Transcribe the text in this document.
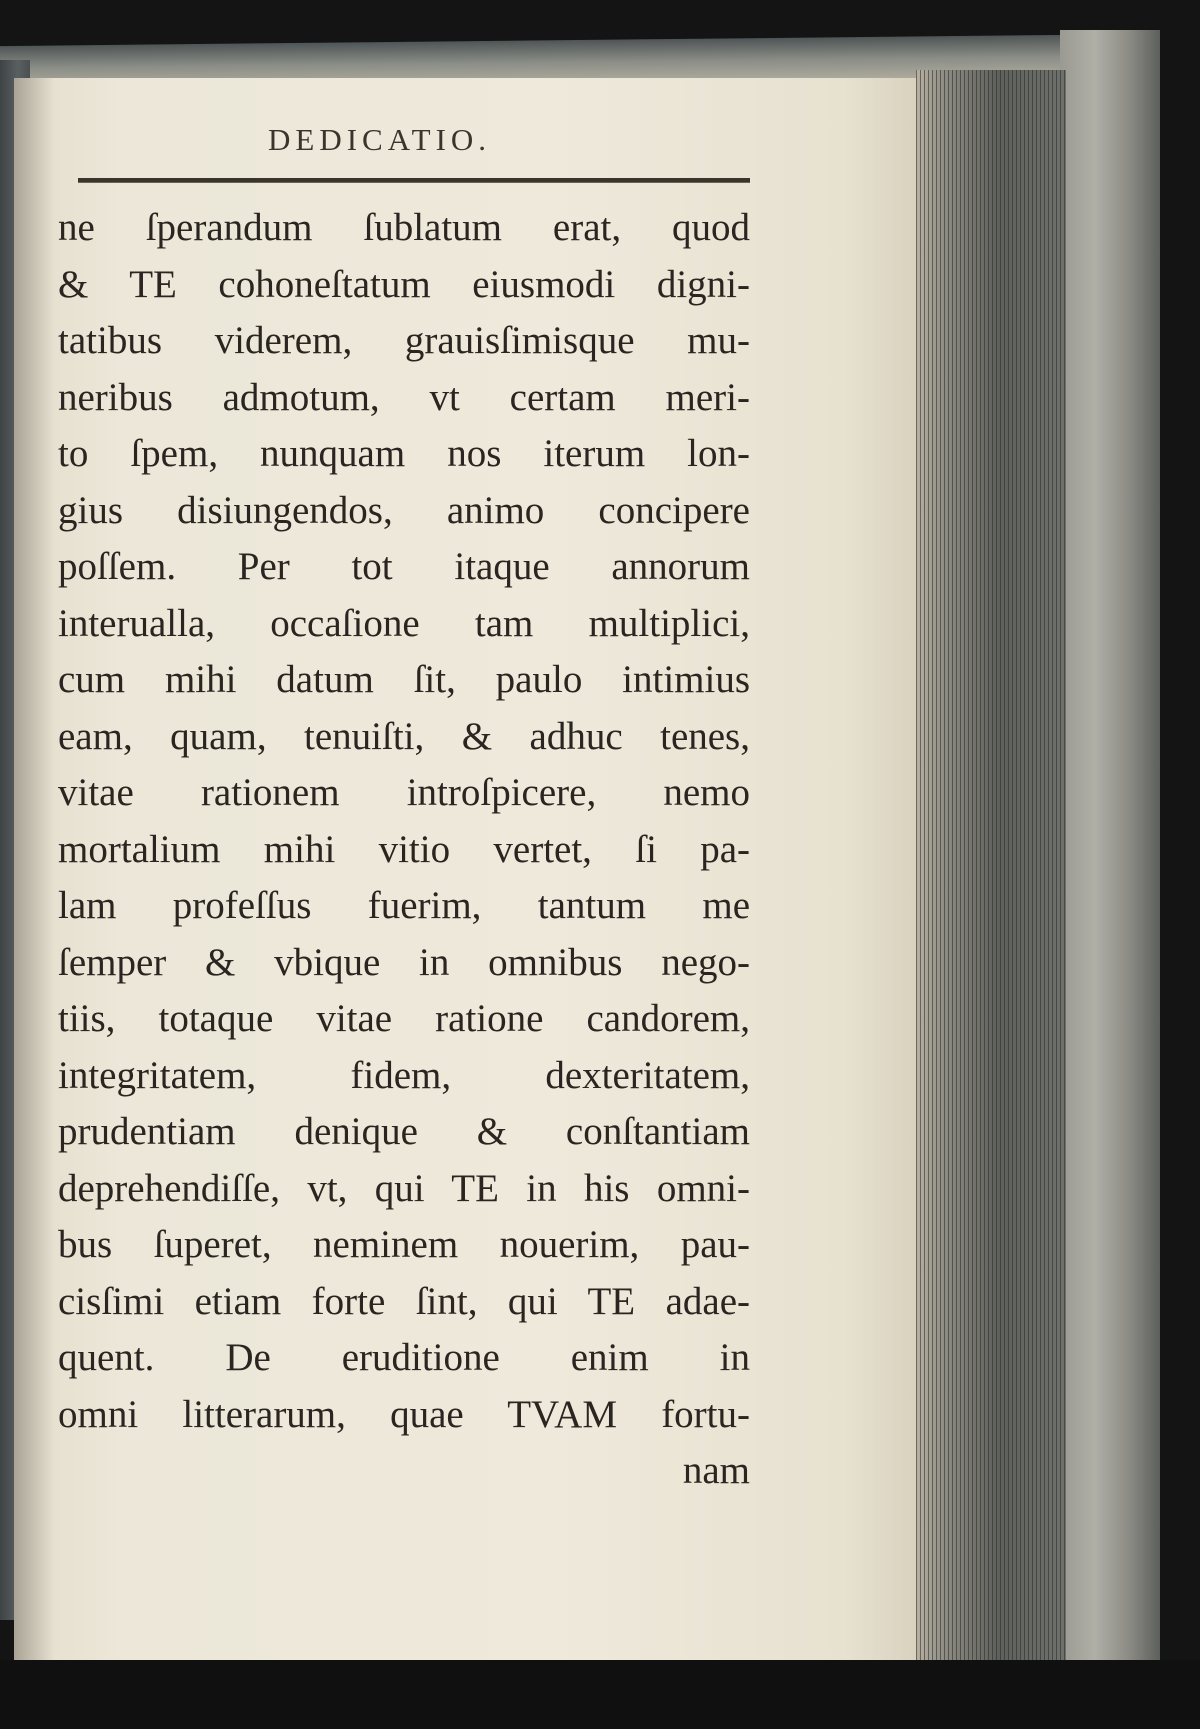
DEDICATIO.
ne ſperandum ſublatum erat, quod
& TE cohoneſtatum eiusmodi digni-
tatibus viderem, grauisſimisque mu-
neribus admotum, vt certam meri-
to ſpem, nunquam nos iterum lon-
gius disiungendos, animo concipere
poſſem. Per tot itaque annorum
interualla, occaſione tam multiplici,
cum mihi datum ſit, paulo intimius
eam, quam, tenuiſti, & adhuc tenes,
vitae rationem introſpicere, nemo
mortalium mihi vitio vertet, ſi pa-
lam profeſſus fuerim, tantum me
ſemper & vbique in omnibus nego-
tiis, totaque vitae ratione candorem,
integritatem, fidem, dexteritatem,
prudentiam denique & conſtantiam
deprehendiſſe, vt, qui TE in his omni-
bus ſuperet, neminem nouerim, pau-
cisſimi etiam forte ſint, qui TE adae-
quent. De eruditione enim in
omni litterarum, quae TVAM fortu-
nam
